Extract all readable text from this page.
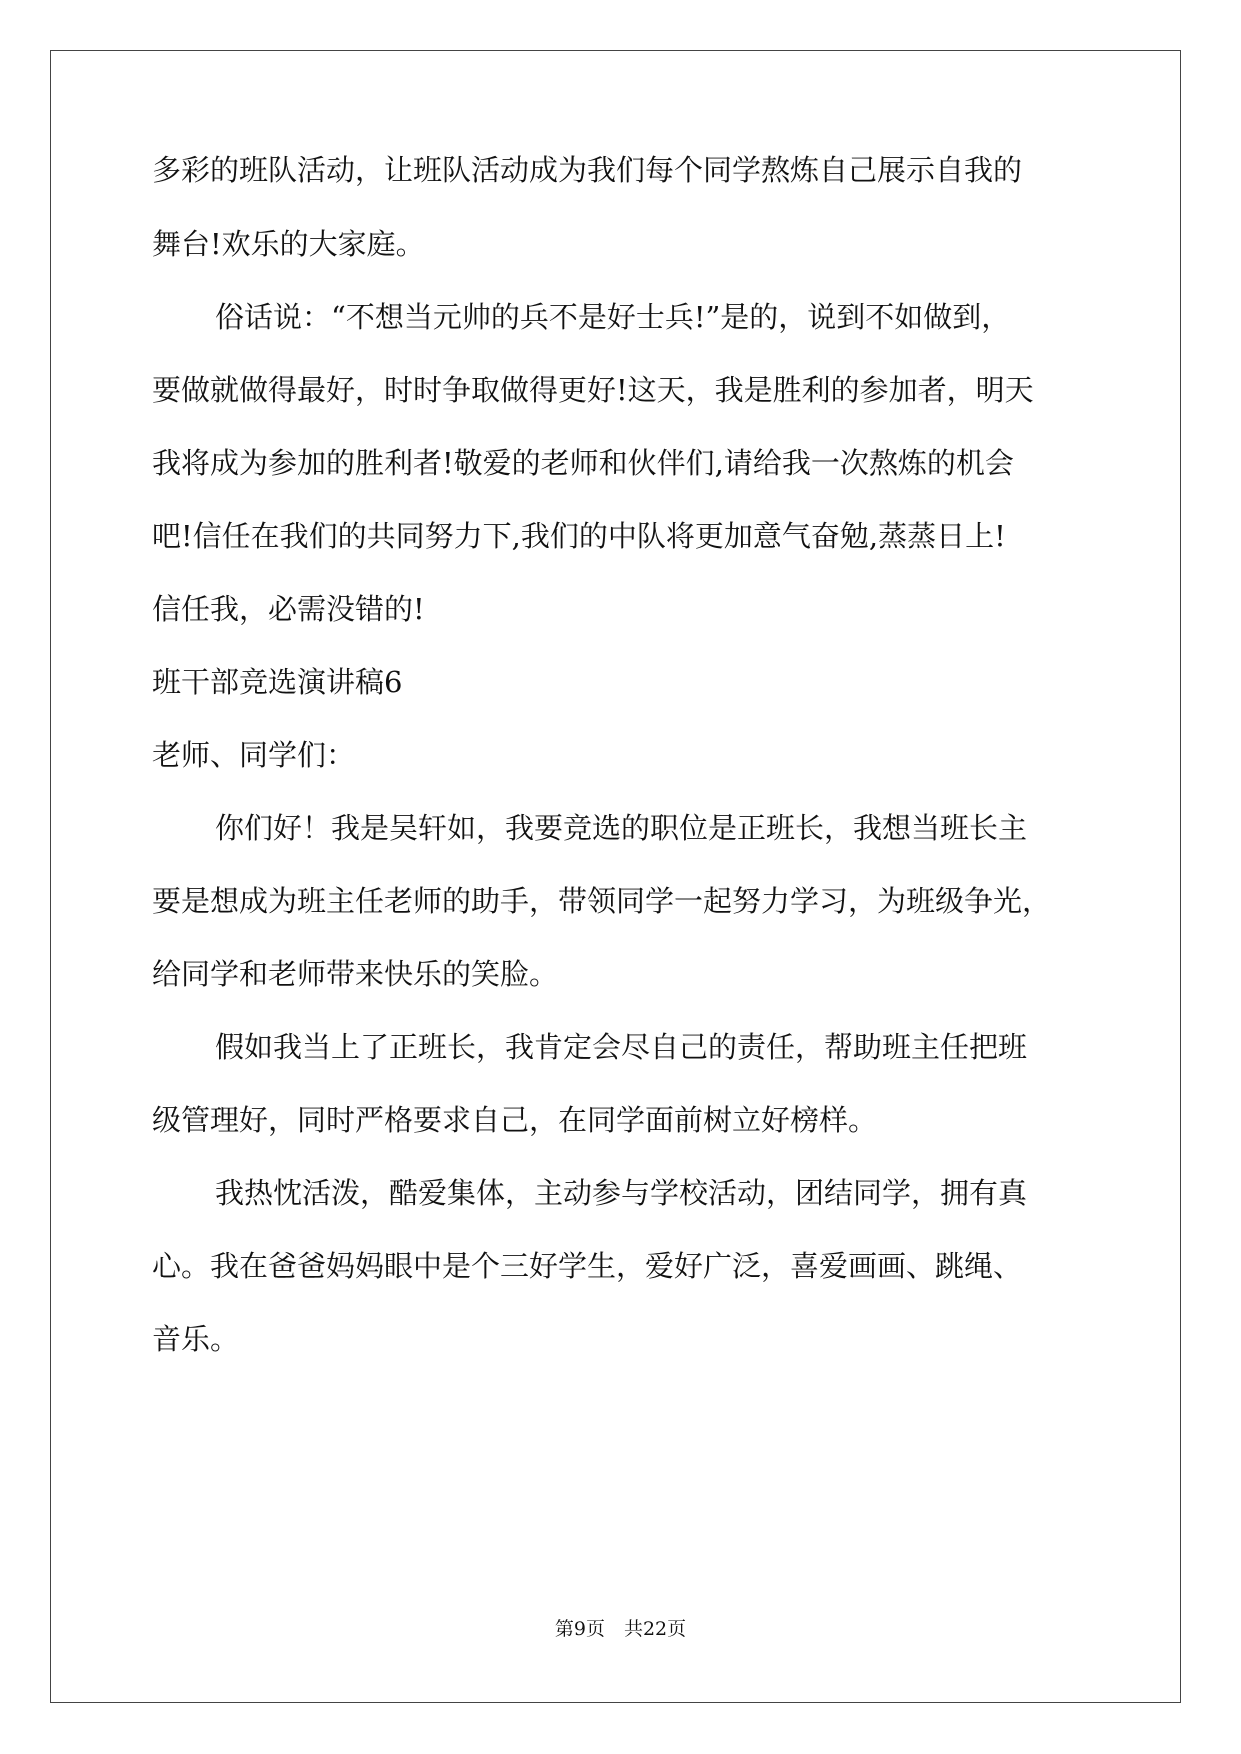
多彩的班队活动，让班队活动成为我们每个同学熬炼自己展示自我的
舞台!欢乐的大家庭。
俗话说：“不想当元帅的兵不是好士兵!”是的，说到不如做到，
要做就做得最好，时时争取做得更好!这天，我是胜利的参加者，明天
我将成为参加的胜利者!敬爱的老师和伙伴们,请给我一次熬炼的机会
吧!信任在我们的共同努力下,我们的中队将更加意气奋勉,蒸蒸日上!
信任我，必需没错的!
班干部竞选演讲稿6
老师、同学们：
你们好！我是吴轩如，我要竞选的职位是正班长，我想当班长主
要是想成为班主任老师的助手，带领同学一起努力学习，为班级争光，
给同学和老师带来快乐的笑脸。
假如我当上了正班长，我肯定会尽自己的责任，帮助班主任把班
级管理好，同时严格要求自己，在同学面前树立好榜样。
我热忱活泼，酷爱集体，主动参与学校活动，团结同学，拥有真
心。我在爸爸妈妈眼中是个三好学生，爱好广泛，喜爱画画、跳绳、
音乐。
第9页　共22页
